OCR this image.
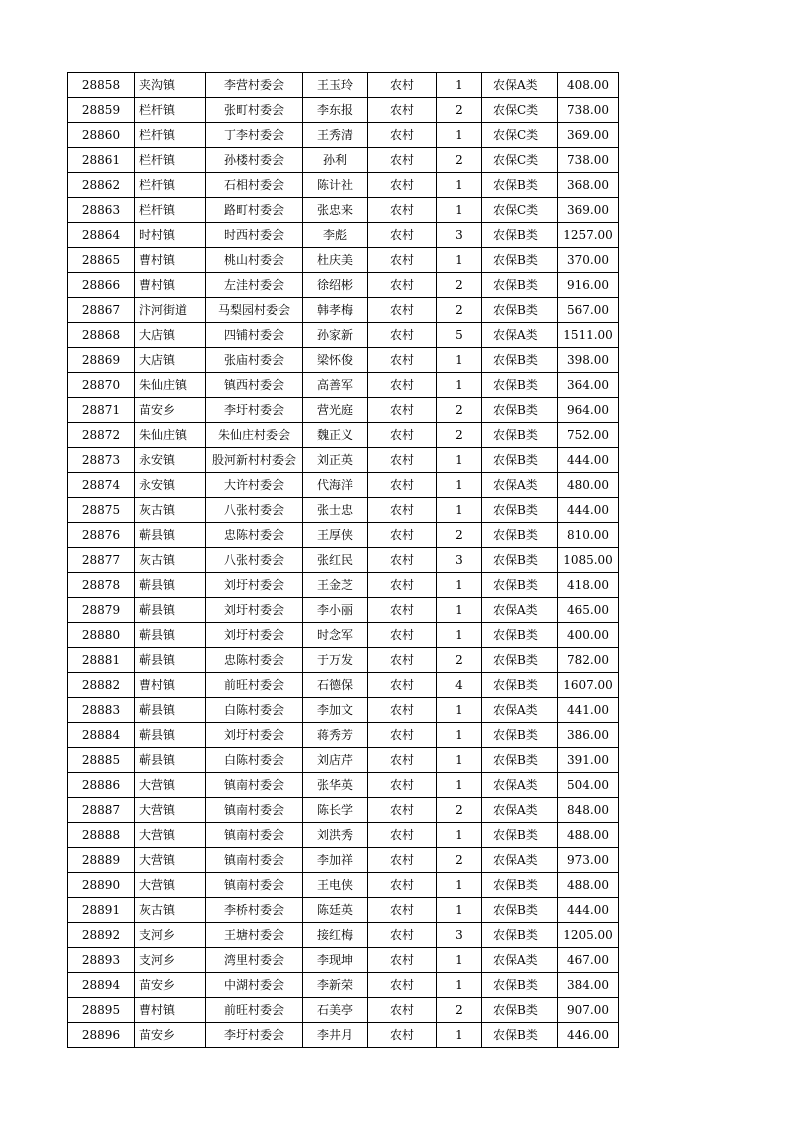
28858	夹沟镇	李营村委会	王玉玲	农村	1	农保A类	408.00
28859	栏杆镇	张町村委会	李东报	农村	2	农保C类	738.00
28860	栏杆镇	丁李村委会	王秀清	农村	1	农保C类	369.00
28861	栏杆镇	孙楼村委会	孙利	农村	2	农保C类	738.00
28862	栏杆镇	石相村委会	陈计社	农村	1	农保B类	368.00
28863	栏杆镇	路町村委会	张忠来	农村	1	农保C类	369.00
28864	时村镇	时西村委会	李彪	农村	3	农保B类	1257.00
28865	曹村镇	桃山村委会	杜庆美	农村	1	农保B类	370.00
28866	曹村镇	左洼村委会	徐绍彬	农村	2	农保B类	916.00
28867	汴河街道	马梨园村委会	韩孝梅	农村	2	农保B类	567.00
28868	大店镇	四铺村委会	孙家新	农村	5	农保A类	1511.00
28869	大店镇	张庙村委会	梁怀俊	农村	1	农保B类	398.00
28870	朱仙庄镇	镇西村委会	高善军	农村	1	农保B类	364.00
28871	苗安乡	李圩村委会	营光庭	农村	2	农保B类	964.00
28872	朱仙庄镇	朱仙庄村委会	魏正义	农村	2	农保B类	752.00
28873	永安镇	股河新村村委会	刘正英	农村	1	农保B类	444.00
28874	永安镇	大许村委会	代海洋	农村	1	农保A类	480.00
28875	灰古镇	八张村委会	张士忠	农村	1	农保B类	444.00
28876	蕲县镇	忠陈村委会	王厚侠	农村	2	农保B类	810.00
28877	灰古镇	八张村委会	张红民	农村	3	农保B类	1085.00
28878	蕲县镇	刘圩村委会	王金芝	农村	1	农保B类	418.00
28879	蕲县镇	刘圩村委会	李小丽	农村	1	农保A类	465.00
28880	蕲县镇	刘圩村委会	时念军	农村	1	农保B类	400.00
28881	蕲县镇	忠陈村委会	于万发	农村	2	农保B类	782.00
28882	曹村镇	前旺村委会	石德保	农村	4	农保B类	1607.00
28883	蕲县镇	白陈村委会	李加文	农村	1	农保A类	441.00
28884	蕲县镇	刘圩村委会	蒋秀芳	农村	1	农保B类	386.00
28885	蕲县镇	白陈村委会	刘店芹	农村	1	农保B类	391.00
28886	大营镇	镇南村委会	张华英	农村	1	农保A类	504.00
28887	大营镇	镇南村委会	陈长学	农村	2	农保A类	848.00
28888	大营镇	镇南村委会	刘洪秀	农村	1	农保B类	488.00
28889	大营镇	镇南村委会	李加祥	农村	2	农保A类	973.00
28890	大营镇	镇南村委会	王电侠	农村	1	农保B类	488.00
28891	灰古镇	李桥村委会	陈廷英	农村	1	农保B类	444.00
28892	支河乡	王塘村委会	接红梅	农村	3	农保B类	1205.00
28893	支河乡	湾里村委会	李现坤	农村	1	农保A类	467.00
28894	苗安乡	中湖村委会	李新荣	农村	1	农保B类	384.00
28895	曹村镇	前旺村委会	石美亭	农村	2	农保B类	907.00
28896	苗安乡	李圩村委会	李井月	农村	1	农保B类	446.00
